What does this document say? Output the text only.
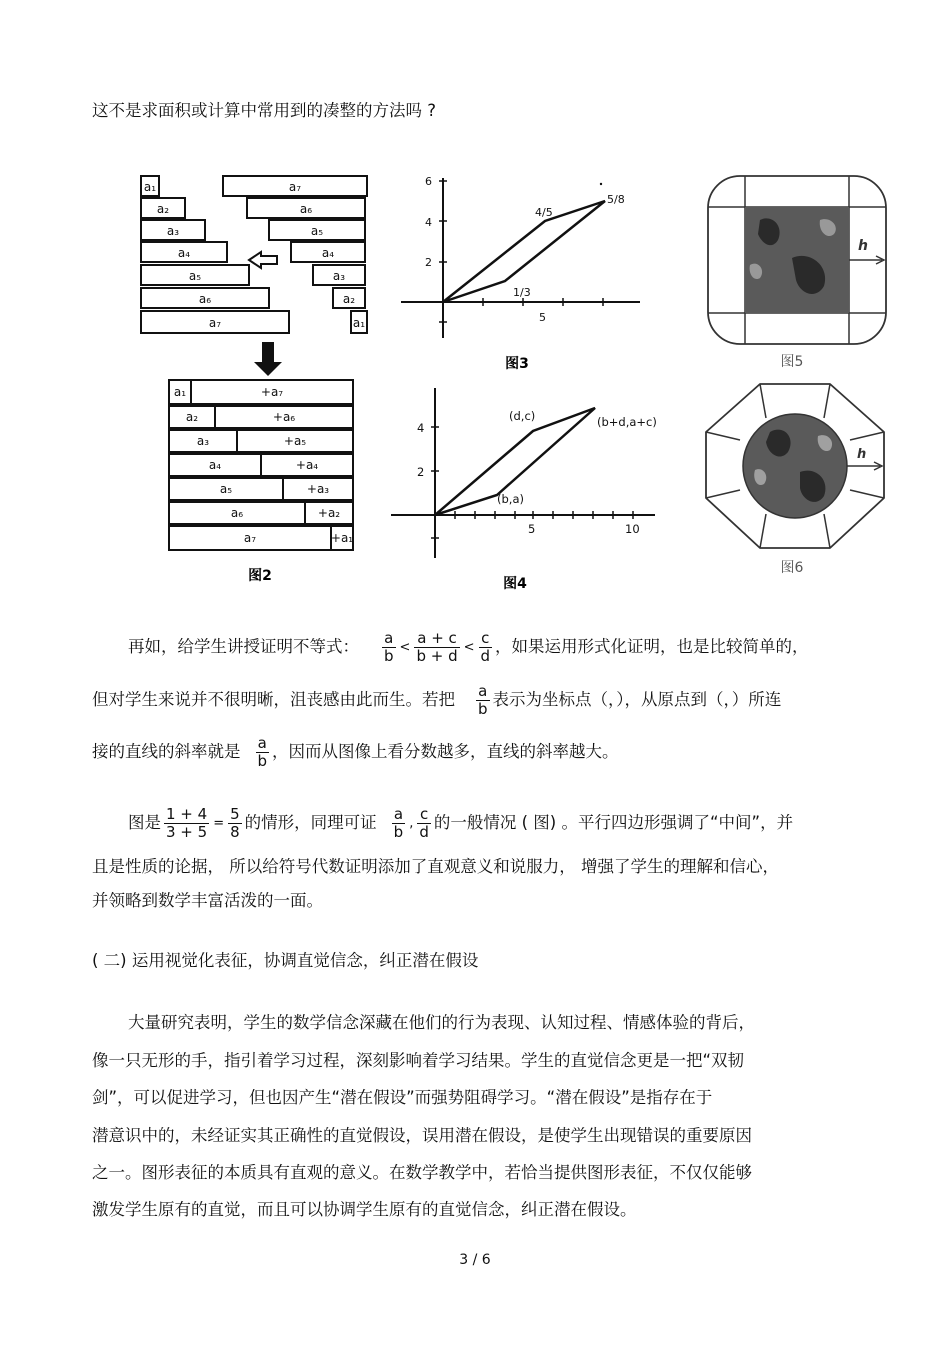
这不是求面积或计算中常用到的凑整的方法吗 ?
a₁
a₂
a₃
a₄
a₅
a₆
a₇
a₇
a₆
a₅
a₄
a₃
a₂
a₁
a₁
a₂
a₃
a₄
a₅
a₆
a₇
+a₇
+a₆
+a₅
+a₄
+a₃
+a₂
+a₁
图2
6
4
2
5
4/5
5/8
1/3
图3
4
2
5	10
(d,c)	(b+d,a+c)
(b,a)
图4
h
图5
h
图6
再如，给学生讲授证明不等式： $\frac{a}{b} < \frac{a + c}{b + d} < \frac{c}{d}$ ，如果运用形式化证明，也是比较简单的，
但对学生来说并不很明晰，沮丧感由此而生。若把 $\frac{a}{b}$ 表示为坐标点（，），从原点到（，）所连
接的直线的斜率就是 $\frac{a}{b}$ ，因而从图像上看分数越多，直线的斜率越大。
图是 $\frac{1 + 4}{3 + 5} = \frac{5}{8}$ 的情形，同理可证 $\frac{a}{b}$ , $\frac{c}{d}$ 的一般情况 ( 图) 。平行四边形强调了“中间”，并
且是性质的论据， 所以给符号代数证明添加了直观意义和说服力， 增强了学生的理解和信心，
并领略到数学丰富活泼的一面。
( 二) 运用视觉化表征，协调直觉信念，纠正潜在假设
大量研究表明，学生的数学信念深藏在他们的行为表现、认知过程、情感体验的背后，
像一只无形的手，指引着学习过程，深刻影响着学习结果。学生的直觉信念更是一把“双韧
剑”，可以促进学习，但也因产生“潜在假设”而强势阻碍学习。“潜在假设”是指存在于
潜意识中的，未经证实其正确性的直觉假设，误用潜在假设，是使学生出现错误的重要原因
之一。图形表征的本质具有直观的意义。在数学教学中，若恰当提供图形表征，不仅仅能够
激发学生原有的直觉，而且可以协调学生原有的直觉信念，纠正潜在假设。
3 / 6
